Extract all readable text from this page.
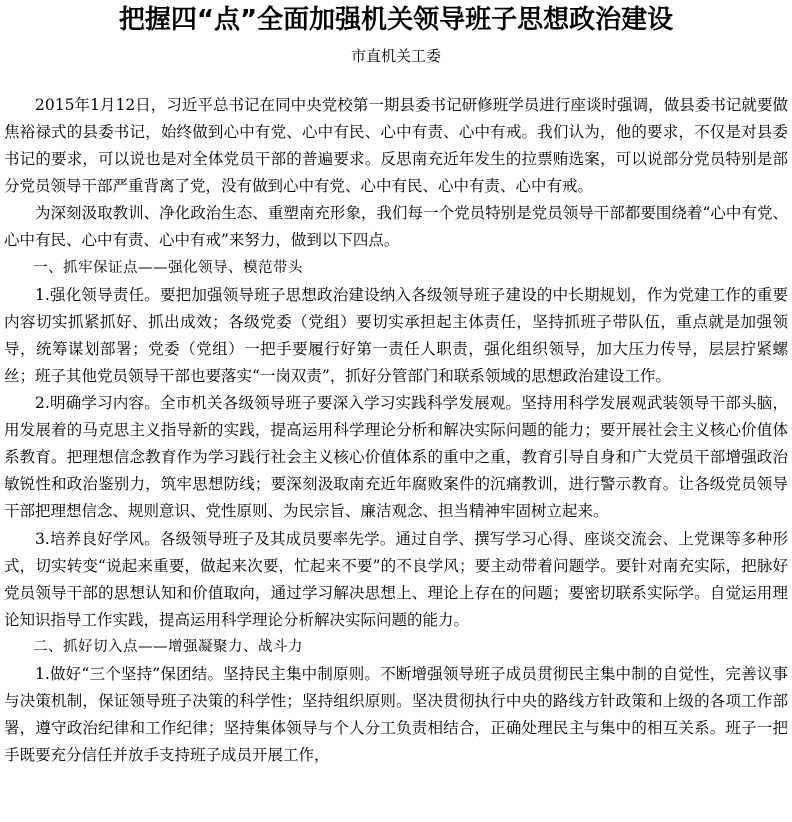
把握四“点”全面加强机关领导班子思想政治建设
市直机关工委

2015年1月12日，习近平总书记在同中央党校第一期县委书记研修班学员进行座谈时强调，做县委书记就要做焦裕禄式的县委书记，始终做到心中有党、心中有民、心中有责、心中有戒。我们认为，他的要求，不仅是对县委书记的要求，可以说也是对全体党员干部的普遍要求。反思南充近年发生的拉票贿选案，可以说部分党员特别是部分党员领导干部严重背离了党，没有做到心中有党、心中有民、心中有责、心中有戒。

为深刻汲取教训、净化政治生态、重塑南充形象，我们每一个党员特别是党员领导干部都要围绕着“心中有党、心中有民、心中有责、心中有戒”来努力，做到以下四点。

一、抓牢保证点——强化领导、模范带头

1.强化领导责任。要把加强领导班子思想政治建设纳入各级领导班子建设的中长期规划，作为党建工作的重要内容切实抓紧抓好、抓出成效；各级党委（党组）要切实承担起主体责任，坚持抓班子带队伍，重点就是加强领导，统筹谋划部署；党委（党组）一把手要履行好第一责任人职责，强化组织领导，加大压力传导，层层拧紧螺丝；班子其他党员领导干部也要落实“一岗双责”，抓好分管部门和联系领域的思想政治建设工作。

2.明确学习内容。全市机关各级领导班子要深入学习实践科学发展观。坚持用科学发展观武装领导干部头脑，用发展着的马克思主义指导新的实践，提高运用科学理论分析和解决实际问题的能力；要开展社会主义核心价值体系教育。把理想信念教育作为学习践行社会主义核心价值体系的重中之重，教育引导自身和广大党员干部增强政治敏锐性和政治鉴别力，筑牢思想防线；要深刻汲取南充近年腐败案件的沉痛教训，进行警示教育。让各级党员领导干部把理想信念、规则意识、党性原则、为民宗旨、廉洁观念、担当精神牢固树立起来。

3.培养良好学风。各级领导班子及其成员要率先学。通过自学、撰写学习心得、座谈交流会、上党课等多种形式，切实转变“说起来重要，做起来次要，忙起来不要”的不良学风；要主动带着问题学。要针对南充实际，把脉好党员领导干部的思想认知和价值取向，通过学习解决思想上、理论上存在的问题；要密切联系实际学。自觉运用理论知识指导工作实践，提高运用科学理论分析解决实际问题的能力。

二、抓好切入点——增强凝聚力、战斗力

1.做好“三个坚持”保团结。坚持民主集中制原则。不断增强领导班子成员贯彻民主集中制的自觉性，完善议事与决策机制，保证领导班子决策的科学性；坚持组织原则。坚决贯彻执行中央的路线方针政策和上级的各项工作部署，遵守政治纪律和工作纪律；坚持集体领导与个人分工负责相结合，正确处理民主与集中的相互关系。班子一把手既要充分信任并放手支持班子成员开展工作，
